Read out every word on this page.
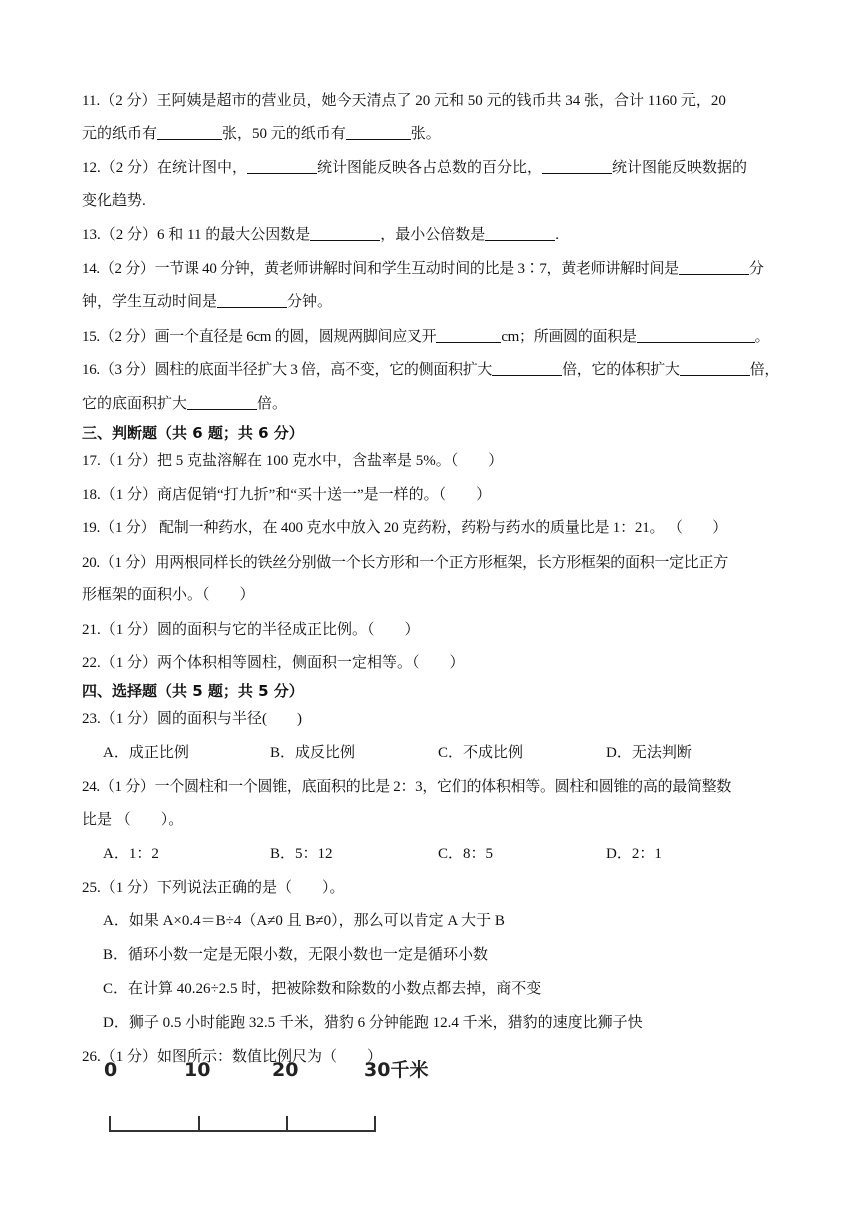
11.（2 分）王阿姨是超市的营业员，她今天清点了 20 元和 50 元的钱币共 34 张，合计 1160 元，20
元的纸币有	张，50 元的纸币有	张。
12.（2 分）在统计图中，	统计图能反映各占总数的百分比，	统计图能反映数据的
变化趋势.
13.（2 分）6 和 11 的最大公因数是	，最小公倍数是	.
14.（2 分）一节课 40 分钟，黄老师讲解时间和学生互动时间的比是 3∶7，黄老师讲解时间是	分
钟，学生互动时间是	分钟。
15.（2 分）画一个直径是 6cm 的圆，圆规两脚间应叉开	cm；所画圆的面积是	。
16.（3 分）圆柱的底面半径扩大 3 倍，高不变，它的侧面积扩大	倍，它的体积扩大	倍，
它的底面积扩大	倍。
三、判断题（共 6 题；共 6 分）
17.（1 分）把 5 克盐溶解在 100 克水中，含盐率是 5%。（　　）
18.（1 分）商店促销“打九折”和“买十送一”是一样的。（　　）
19.（1 分） 配制一种药水，在 400 克水中放入 20 克药粉，药粉与药水的质量比是 1：21。 （　　）
20.（1 分）用两根同样长的铁丝分别做一个长方形和一个正方形框架，长方形框架的面积一定比正方
形框架的面积小。（　　）
21.（1 分）圆的面积与它的半径成正比例。（　　）
22.（1 分）两个体积相等圆柱，侧面积一定相等。（　　）
四、选择题（共 5 题；共 5 分）
23.（1 分）圆的面积与半径(　　)
A．成正比例	B．成反比例	C．不成比例	D．无法判断
24.（1 分）一个圆柱和一个圆锥，底面积的比是 2：3，它们的体积相等。圆柱和圆锥的高的最简整数
比是 （　　）。
A．1：2	B．5：12	C．8：5	D．2：1
25.（1 分）下列说法正确的是（　　）。
A．如果 A×0.4＝B÷4（A≠0 且 B≠0），那么可以肯定 A 大于 B
B．循环小数一定是无限小数，无限小数也一定是循环小数
C．在计算 40.26÷2.5 时，把被除数和除数的小数点都去掉，商不变
D．狮子 0.5 小时能跑 32.5 千米，猎豹 6 分钟能跑 12.4 千米，猎豹的速度比狮子快
26.（1 分）如图所示：数值比例尺为（　　）
0	10	20	30千米
